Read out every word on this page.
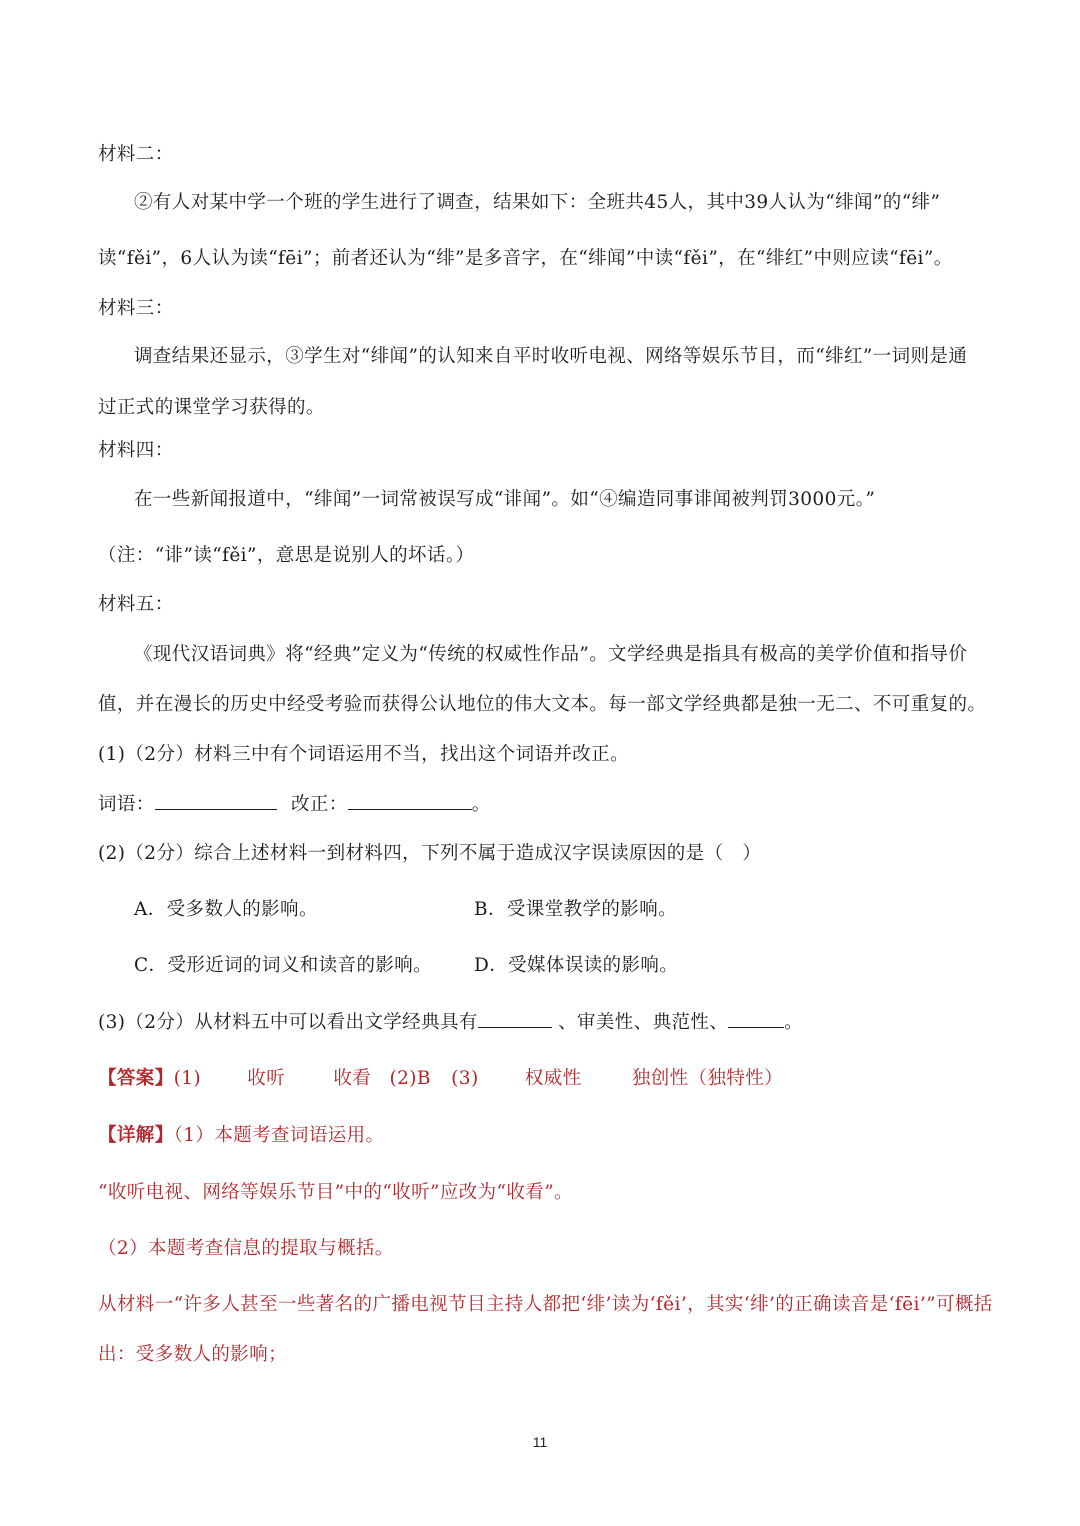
材料二：
②有人对某中学一个班的学生进行了调查，结果如下：全班共45人，其中39人认为“绯闻”的“绯”
读“fěi”，6人认为读“fēi”；前者还认为“绯”是多音字，在“绯闻”中读“fěi”，在“绯红”中则应读“fēi”。
材料三：
调查结果还显示，③学生对“绯闻”的认知来自平时收听电视、网络等娱乐节目，而“绯红”一词则是通
过正式的课堂学习获得的。
材料四：
在一些新闻报道中，“绯闻”一词常被误写成“诽闻”。如“④编造同事诽闻被判罚3000元。”
（注：“诽”读“fěi”，意思是说别人的坏话。）
材料五：
《现代汉语词典》将“经典”定义为“传统的权威性作品”。文学经典是指具有极高的美学价值和指导价
值，并在漫长的历史中经受考验而获得公认地位的伟大文本。每一部文学经典都是独一无二、不可重复的。
(1)（2分）材料三中有个词语运用不当，找出这个词语并改正。
词语：	改正：	。
(2)（2分）综合上述材料一到材料四，下列不属于造成汉字误读原因的是（　）
A．受多数人的影响。	B．受课堂教学的影响。
C．受形近词的词义和读音的影响。 D．受媒体误读的影响。
(3)（2分）从材料五中可以看出文学经典具有	、审美性、典范性、	。
【答案】(1)	收听	收看 (2)B (3)	权威性	独创性（独特性）
【详解】（1）本题考查词语运用。
“收听电视、网络等娱乐节目”中的“收听”应改为“收看”。
（2）本题考查信息的提取与概括。
从材料一“许多人甚至一些著名的广播电视节目主持人都把‘绯’读为‘fěi’，其实‘绯’的正确读音是‘fēi’”可概括
出：受多数人的影响；
11
